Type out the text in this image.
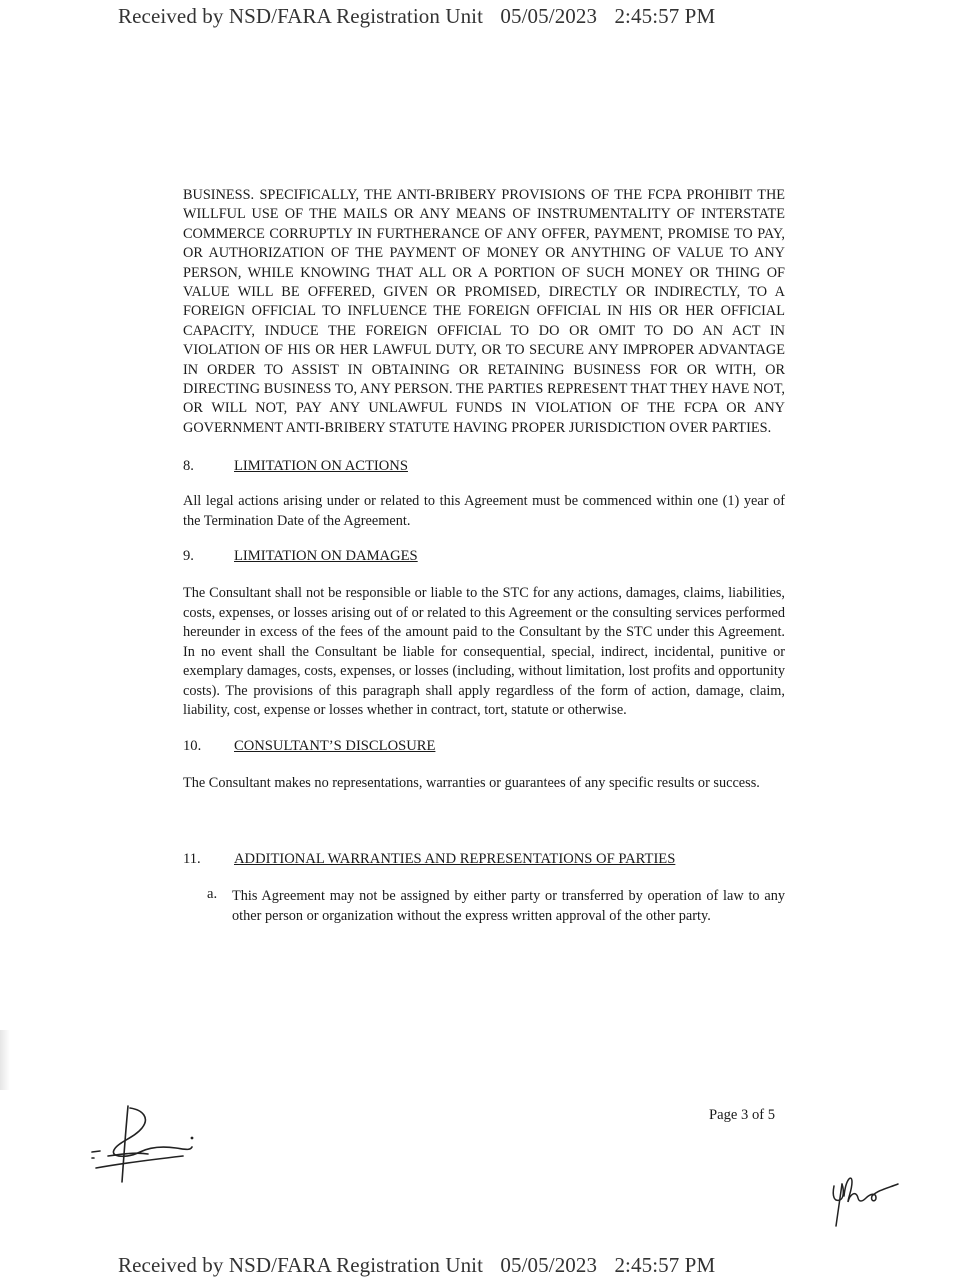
Received by NSD/FARA Registration Unit 05/05/2023 2:45:57 PM

BUSINESS. SPECIFICALLY, THE ANTI-BRIBERY PROVISIONS OF THE FCPA PROHIBIT THE WILLFUL USE OF THE MAILS OR ANY MEANS OF INSTRUMENTALITY OF INTERSTATE COMMERCE CORRUPTLY IN FURTHERANCE OF ANY OFFER, PAYMENT, PROMISE TO PAY, OR AUTHORIZATION OF THE PAYMENT OF MONEY OR ANYTHING OF VALUE TO ANY PERSON, WHILE KNOWING THAT ALL OR A PORTION OF SUCH MONEY OR THING OF VALUE WILL BE OFFERED, GIVEN OR PROMISED, DIRECTLY OR INDIRECTLY, TO A FOREIGN OFFICIAL TO INFLUENCE THE FOREIGN OFFICIAL IN HIS OR HER OFFICIAL CAPACITY, INDUCE THE FOREIGN OFFICIAL TO DO OR OMIT TO DO AN ACT IN VIOLATION OF HIS OR HER LAWFUL DUTY, OR TO SECURE ANY IMPROPER ADVANTAGE IN ORDER TO ASSIST IN OBTAINING OR RETAINING BUSINESS FOR OR WITH, OR DIRECTING BUSINESS TO, ANY PERSON. THE PARTIES REPRESENT THAT THEY HAVE NOT, OR WILL NOT, PAY ANY UNLAWFUL FUNDS IN VIOLATION OF THE FCPA OR ANY GOVERNMENT ANTI-BRIBERY STATUTE HAVING PROPER JURISDICTION OVER PARTIES.

8.	LIMITATION ON ACTIONS

All legal actions arising under or related to this Agreement must be commenced within one (1) year of the Termination Date of the Agreement.

9.	LIMITATION ON DAMAGES

The Consultant shall not be responsible or liable to the STC for any actions, damages, claims, liabilities, costs, expenses, or losses arising out of or related to this Agreement or the consulting services performed hereunder in excess of the fees of the amount paid to the Consultant by the STC under this Agreement. In no event shall the Consultant be liable for consequential, special, indirect, incidental, punitive or exemplary damages, costs, expenses, or losses (including, without limitation, lost profits and opportunity costs). The provisions of this paragraph shall apply regardless of the form of action, damage, claim, liability, cost, expense or losses whether in contract, tort, statute or otherwise.

10.	CONSULTANT’S DISCLOSURE

The Consultant makes no representations, warranties or guarantees of any specific results or success.

11.	ADDITIONAL WARRANTIES AND REPRESENTATIONS OF PARTIES
a.	This Agreement may not be assigned by either party or transferred by operation of law to any other person or organization without the express written approval of the other party.
Page 3 of 5
Received by NSD/FARA Registration Unit 05/05/2023 2:45:57 PM
